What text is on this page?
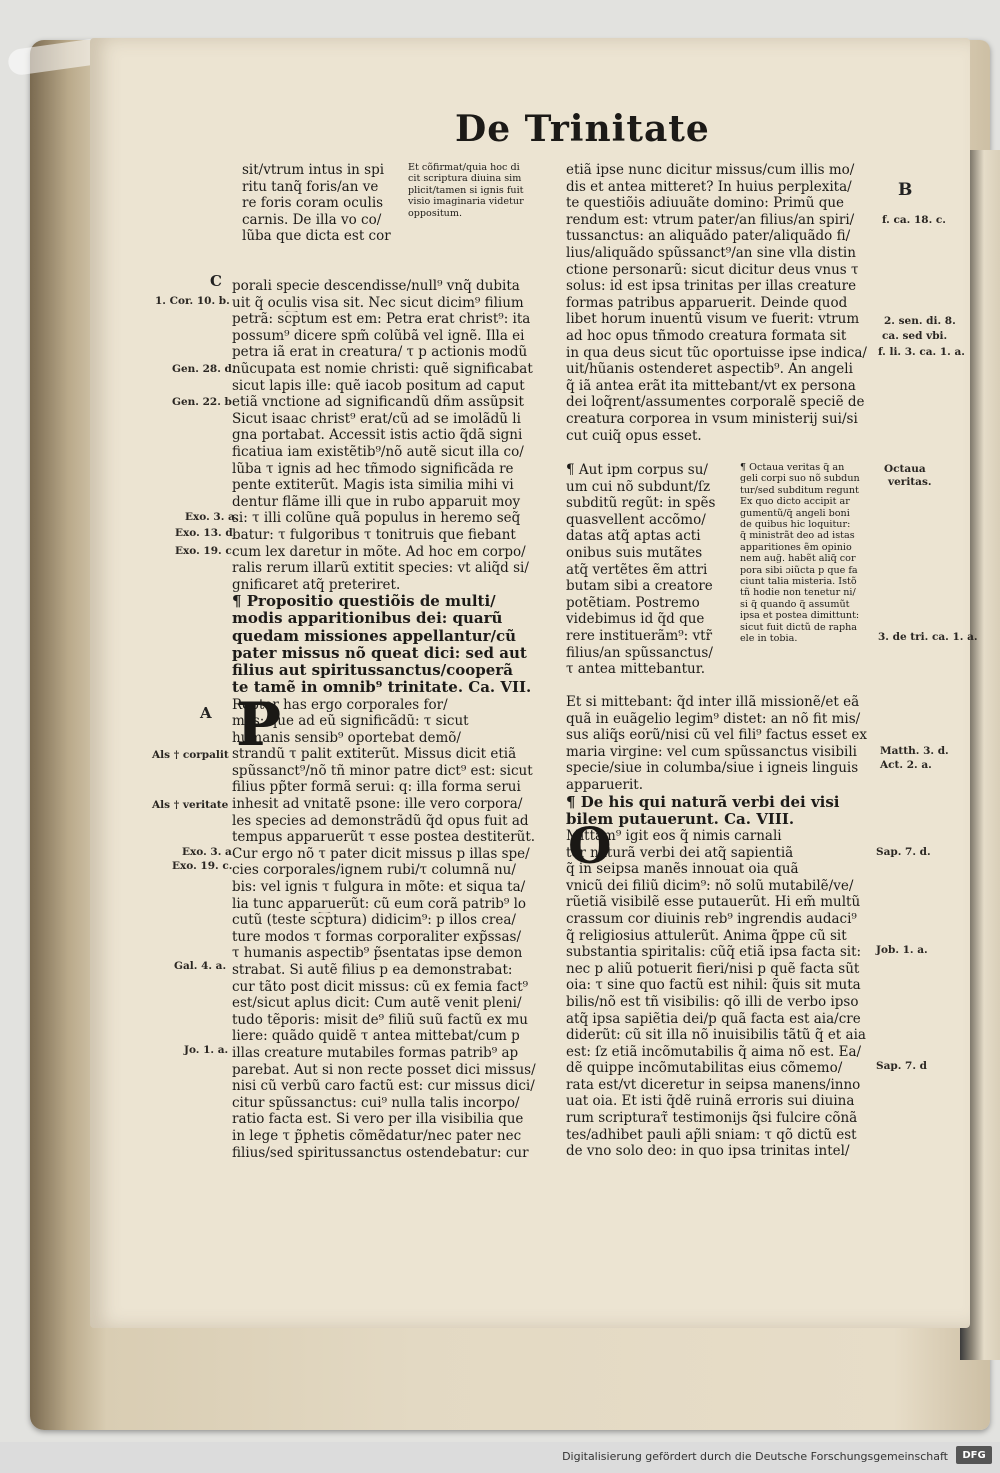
De Trinitate
B

sit/vtrum intus in spi

ritu tanq̃ foris/an ve

re foris coram oculis

carnis. De illa vo co/

lũba que dicta est cor

Et cõfirmat/quia hoc di

cit scriptura diuina sim

plicit/tamen si ignis fuit

visio imaginaria videtur

oppositum.

porali specie descendisse/null⁹ vnq̃ dubita

uit q̃ oculis visa sit. Nec sicut dicim⁹ filium

petrã: sc͡ptum est em: Petra erat christ⁹: ita

possum⁹ dicere spm̃ colũbã vel ignẽ. Illa ei

petra iã erat in creatura/ τ p actionis modũ

nũcupata est nomie christi: quẽ significabat

sicut lapis ille: quẽ iacob positum ad caput

etiã vnctione ad significandũ dñm assũpsit

Sicut isaac christ⁹ erat/cũ ad se imolãdũ li

gna portabat. Accessit istis actio q̃dã signi

ficatiua iam existẽtib⁹/nõ autẽ sicut illa co/

lũba τ ignis ad hec tñmodo significãda re

pente extiterũt. Magis ista similia mihi vi

dentur flãme illi que in rubo apparuit moy

si: τ illi colũne quã populus in heremo seq̃

batur: τ fulgoribus τ tonitruis que fiebant

cum lex daretur in mõte. Ad hoc em corpo/

ralis rerum illarũ extitit species: vt aliq̃d si/

gnificaret atq̃ preteriret.

¶ Propositio questiõis de multi/

modis apparitionibus dei: quarũ

quedam missiones appellantur/cũ

pater missus nõ queat dici: sed aut

filius aut spiritussanctus/cooperã

te tamẽ in omnib⁹ trinitate. Ca. VII.

Ropter has ergo corporales for/

mas: que ad eũ significãdũ: τ sicut

humanis sensib⁹ oportebat demõ/

strandũ τ palit extiterũt. Missus dicit etiã

spũssanct⁹/nõ tñ minor patre dict⁹ est: sicut

filius pp̃ter formã serui: q: illa forma serui

inhesit ad vnitatẽ psone: ille vero corpora/

les species ad demonstrãdũ q̃d opus fuit ad

tempus apparuerũt τ esse postea destiterũt.

Cur ergo nõ τ pater dicit missus p illas spe/

cies corporales/ignem rubi/τ columnã nu/

bis: vel ignis τ fulgura in mõte: et siqua ta/

lia tunc apparuerũt: cũ eum corã patrib⁹ lo

cutũ (teste sc͡ptura) didicim⁹: p illos crea/

ture modos τ formas corporaliter exp̃ssas/

τ humanis aspectib⁹ p̃sentatas ipse demon

strabat. Si autẽ filius p ea demonstrabat:

cur tãto post dicit missus: cũ ex femia fact⁹

est/sicut aplus dicit: Cum autẽ venit pleni/

tudo tẽporis: misit de⁹ filiũ suũ factũ ex mu

liere: quãdo quidẽ τ antea mittebat/cum p

illas creature mutabiles formas patrib⁹ ap

parebat. Aut si non recte posset dici missus/

nisi cũ verbũ caro factũ est: cur missus dici/

citur spũssanctus: cui⁹ nulla talis incorpo/

ratio facta est. Si vero per illa visibilia que

in lege τ p̃phetis cõmẽdatur/nec pater nec

filius/sed spiritussanctus ostendebatur: cur

etiã ipse nunc dicitur missus/cum illis mo/

dis et antea mitteret? In huius perplexita/

te questiõis adiuuãte domino: Primũ que

rendum est: vtrum pater/an filius/an spiri/

tussanctus: an aliquãdo pater/aliquãdo fi/

lius/aliquãdo spũssanct⁹/an sine vlla distin

ctione personarũ: sicut dicitur deus vnus τ

solus: id est ipsa trinitas per illas creature

formas patribus apparuerit. Deinde quod

libet horum inuentũ visum ve fuerit: vtrum

ad hoc opus tñmodo creatura formata sit

in qua deus sicut tũc oportuisse ipse indica/

uit/hũanis ostenderet aspectib⁹. An angeli

q̃ iã antea erãt ita mittebant/vt ex persona

dei loq̃rent/assumentes corporalẽ speciẽ de

creatura corporea in vsum ministerij sui/si

cut cuiq̃ opus esset.

¶ Aut ipm corpus su/

um cui nõ subdunt/ſz

subditũ regũt: in spẽs

quasvellent accõmo/

datas atq̃ aptas acti

onibus suis mutãtes

atq̃ vertẽtes ẽm attri

butam sibi a creatore

potẽtiam. Postremo

videbimus id q̃d que

rere instituerãm⁹: vtr̃

filius/an spũssanctus/

τ antea mittebantur.

¶ Octaua veritas q̃ an

geli corpi suo nõ subdun

tur/sed subditum regunt

Ex quo dicto accipit ar

gumentũ/q̃ angeli boni

de quibus hic loquitur:

q̃ ministrãt deo ad istas

apparitiones ẽm opinio

nem aug̃. habẽt aliq̃ cor

pora sibi ɔiũcta p que fa

ciunt talia misteria. Istõ

tñ hodie non tenetur ni/

si q̃ quando q̃ assumũt

ipsa et postea dimittunt:

sicut fuit dictũ de rapha

ele in tobia.

Et si mittebant: q̃d inter illã missionẽ/et eã

quã in euãgelio legim⁹ distet: an nõ fit mis/

sus aliq̃s eorũ/nisi cũ vel fili⁹ factus esset ex

maria virgine: vel cum spũssanctus visibili

specie/siue in columba/siue i igneis linguis

apparuerit.

¶ De his qui naturã verbi dei visi

bilem putauerunt. Ca. VIII.

Mittam⁹ igit eos q̃ nimis carnali

ter naturã verbi dei atq̃ sapientiã

q̃ in seipsa manẽs innouat oia quã

vnicũ dei filiũ dicim⁹: nõ solũ mutabilẽ/ve/

rũetiã visibilẽ esse putauerũt. Hi em̃ multũ

crassum cor diuinis reb⁹ ingrendis audaci⁹

q̃ religiosius attulerũt. Anima q̃ppe cũ sit

substantia spiritalis: cũq̃ etiã ipsa facta sit:

nec p aliũ potuerit fieri/nisi p quẽ facta sũt

oia: τ sine quo factũ est nihil: q̃uis sit muta

bilis/nõ est tñ visibilis: qõ illi de verbo ipso

atq̃ ipsa sapiẽtia dei/p quã facta est aia/cre

diderũt: cũ sit illa nõ inuisibilis tãtũ q̃ et aia

est: ſz etiã incõmutabilis q̃ aima nõ est. Ea/

dẽ quippe incõmutabilitas eius cõmemo/

rata est/vt diceretur in seipsa manens/inno

uat oia. Et isti q̃dẽ ruinã erroris sui diuina

rum scripturaτ̃ testimonijs q̃si fulcire cõnã

tes/adhibet pauli ap̃li sniam: τ qõ dictũ est

de vno solo deo: in quo ipsa trinitas intel/

P
O
C
1. Cor. 10. b.
Gen. 28. d.
Gen. 22. b.
Exo. 3. a.
Exo. 13. d.
Exo. 19. c.
A
Als † corpalit
Als † veritate
Exo. 3. a.
Exo. 19. c.
Gal. 4. a.
Jo. 1. a.
f. ca. 18. c.
2. sen. di. 8.
ca. sed vbi.
f. li. 3. ca. 1. a.
Octaua
veritas.
3. de tri. ca. 1. a.
Matth. 3. d.
Act. 2. a.
Sap. 7. d.
Job. 1. a.
Sap. 7. d
Digitalisierung gefördert durch die Deutsche Forschungsgemeinschaft	DFG
